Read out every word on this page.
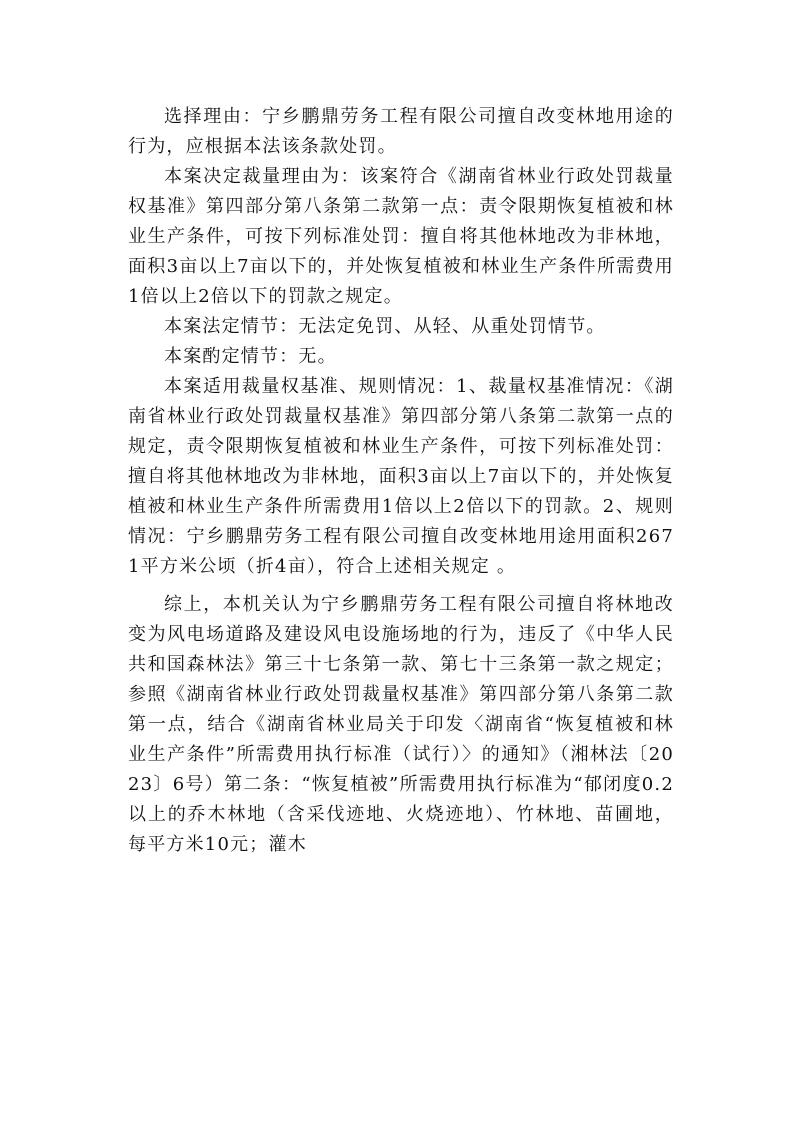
选择理由：宁乡鹏鼎劳务工程有限公司擅自改变林地用途的行为，应根据本法该条款处罚。

本案决定裁量理由为：该案符合《湖南省林业行政处罚裁量权基准》第四部分第八条第二款第一点：责令限期恢复植被和林业生产条件，可按下列标准处罚：擅自将其他林地改为非林地，面积3亩以上7亩以下的，并处恢复植被和林业生产条件所需费用1倍以上2倍以下的罚款之规定。

本案法定情节：无法定免罚、从轻、从重处罚情节。

本案酌定情节：无。

本案适用裁量权基准、规则情况：1、裁量权基准情况：《湖南省林业行政处罚裁量权基准》第四部分第八条第二款第一点的规定，责令限期恢复植被和林业生产条件，可按下列标准处罚：擅自将其他林地改为非林地，面积3亩以上7亩以下的，并处恢复植被和林业生产条件所需费用1倍以上2倍以下的罚款。2、规则情况：宁乡鹏鼎劳务工程有限公司擅自改变林地用途用面积2671平方米公顷（折4亩），符合上述相关规定 。

综上，本机关认为宁乡鹏鼎劳务工程有限公司擅自将林地改变为风电场道路及建设风电设施场地的行为，违反了《中华人民共和国森林法》第三十七条第一款、第七十三条第一款之规定；参照《湖南省林业行政处罚裁量权基准》第四部分第八条第二款第一点，结合《湖南省林业局关于印发〈湖南省“恢复植被和林业生产条件”所需费用执行标准（试行）〉的通知》（湘林法〔2023〕6号）第二条：“恢复植被”所需费用执行标准为“郁闭度0.2以上的乔木林地（含采伐迹地、火烧迹地）、竹林地、苗圃地，每平方米10元；灌木
